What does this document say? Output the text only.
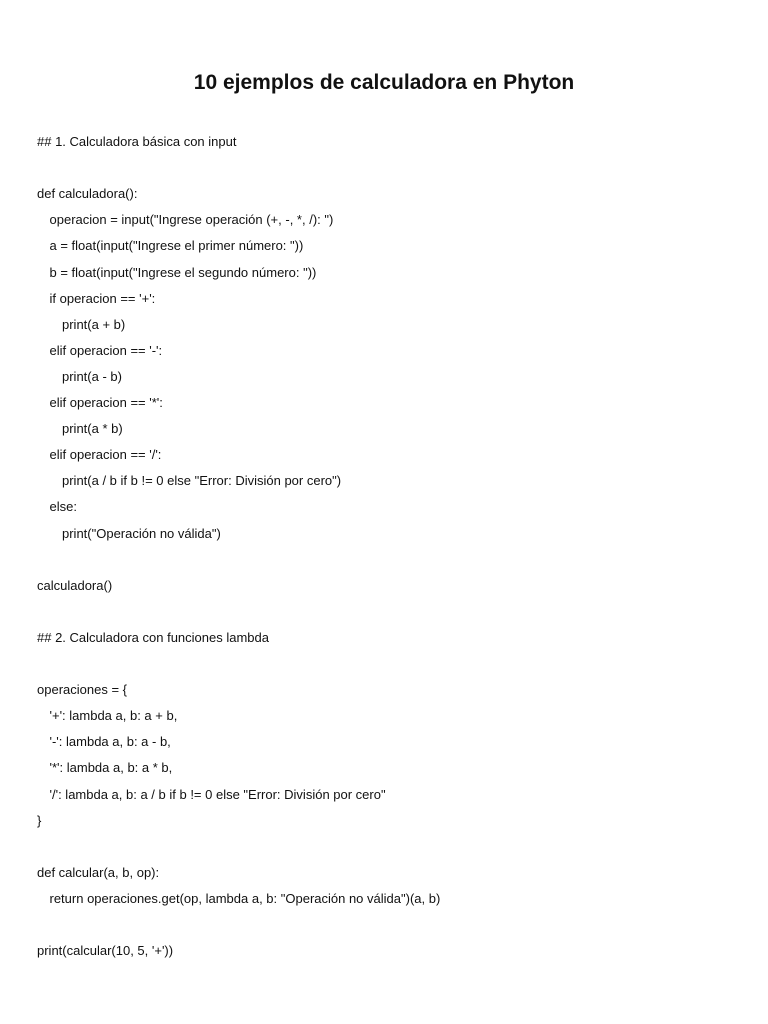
10 ejemplos de calculadora en Phyton
## 1. Calculadora básica con input
def calculadora():
operacion = input("Ingrese operación (+, -, *, /): ")
a = float(input("Ingrese el primer número: "))
b = float(input("Ingrese el segundo número: "))
if operacion == '+':
print(a + b)
elif operacion == '-':
print(a - b)
elif operacion == '*':
print(a * b)
elif operacion == '/':
print(a / b if b != 0 else "Error: División por cero")
else:
print("Operación no válida")
calculadora()
## 2. Calculadora con funciones lambda
operaciones = {
'+': lambda a, b: a + b,
'-': lambda a, b: a - b,
'*': lambda a, b: a * b,
'/': lambda a, b: a / b if b != 0 else "Error: División por cero"
}
def calcular(a, b, op):
return operaciones.get(op, lambda a, b: "Operación no válida")(a, b)
print(calcular(10, 5, '+'))
